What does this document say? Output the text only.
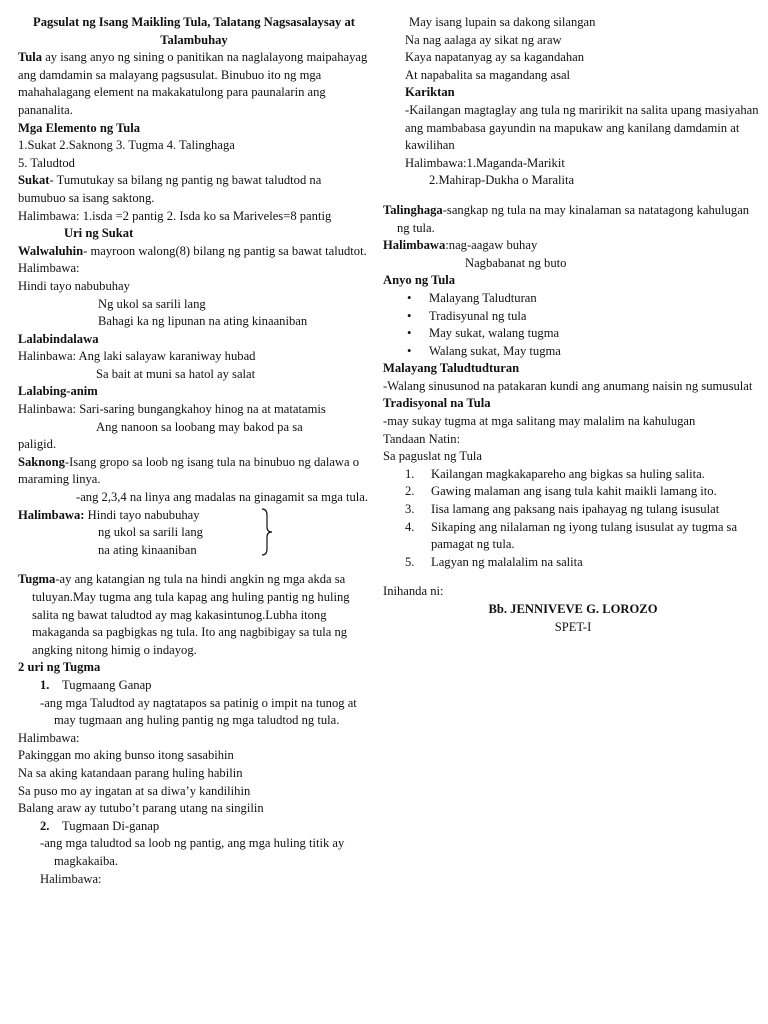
Pagsulat ng Isang Maikling Tula, Talatang Nagsasalaysay at Talambuhay

Tula ay isang anyo ng sining o panitikan na naglalayong maipahayag ang damdamin sa malayang pagsusulat. Binubuo ito ng mga mahahalagang element na makakatulong para paunalarin ang pananalita.

Mga Elemento ng Tula

1.Sukat 2.Saknong 3. Tugma 4. Talinghaga

5. Taludtod

Sukat- Tumutukay sa bilang ng pantig ng bawat taludtod na bumubuo sa isang saktong.

Halimbawa: 1.isda =2 pantig 2. Isda ko sa Mariveles=8 pantig

Uri ng Sukat

Walwaluhin- mayroon walong(8) bilang ng pantig sa bawat taludtot.

Halimbawa:

Hindi tayo nabubuhay

Ng ukol sa sarili lang

Bahagi ka ng lipunan na ating kinaaniban

Lalabindalawa

Halinbawa: Ang laki salayaw karaniway hubad

Sa bait at muni sa hatol ay salat

Lalabing-anim

Halinbawa: Sari-saring bungangkahoy hinog na at matatamis

Ang nanoon sa loobang may bakod pa sa

paligid.

Saknong-Isang gropo sa loob ng isang tula na binubuo ng dalawa o maraming linya.

-ang 2,3,4 na linya ang madalas na ginagamit sa mga tula.

Halimbawa: Hindi tayo nabubuhay

ng ukol sa sarili lang

na ating kinaaniban

Tugma-ay ang katangian ng tula na hindi angkin ng mga akda sa tuluyan.May tugma ang tula kapag ang huling pantig ng huling salita ng bawat taludtod ay mag kakasintunog.Lubha itong makaganda sa pagbigkas ng tula. Ito ang nagbibigay sa tula ng angking nitong himig o indayog.

2 uri ng Tugma

1. Tugmaang Ganap

-ang mga Taludtod ay nagtatapos sa patinig o impit na tunog at may tugmaan ang huling pantig ng mga taludtod ng tula.

Halimbawa:

Pakinggan mo aking bunso itong sasabihin

Na sa aking katandaan parang huling habilin

Sa puso mo ay ingatan at sa diwa’y kandilihin

Balang araw ay tutubo’t parang utang na singilin

2. Tugmaan Di-ganap

-ang mga taludtod sa loob ng pantig, ang mga huling titik ay magkakaiba.

Halimbawa:

May isang lupain sa dakong silangan

Na nag aalaga ay sikat ng araw

Kaya napatanyag ay sa kagandahan

At napabalita sa magandang asal

Kariktan

-Kailangan magtaglay ang tula ng maririkit na salita upang masiyahan ang mambabasa gayundin na mapukaw ang kanilang damdamin at kawilihan

Halimbawa:1.Maganda-Marikit

2.Mahirap-Dukha o Maralita

Talinghaga-sangkap ng tula na may kinalaman sa natatagong kahulugan ng tula.

Halimbawa:nag-aagaw buhay

Nagbabanat ng buto

Anyo ng Tula

• Malayang Taludturan
• Tradisyunal ng tula
• May sukat, walang tugma
• Walang sukat, May tugma

Malayang Taludtudturan

-Walang sinusunod na patakaran kundi ang anumang naisin ng sumusulat

Tradisyonal na Tula

-may sukay tugma at mga salitang may malalim na kahulugan

Tandaan Natin:

Sa paguslat ng Tula

1. Kailangan magkakapareho ang bigkas sa huling salita.
2. Gawing malaman ang isang tula kahit maikli lamang ito.
3. Iisa lamang ang paksang nais ipahayag ng tulang isusulat
4. Sikaping ang nilalaman ng iyong tulang isusulat ay tugma sa pamagat ng tula.
5. Lagyan ng malalalim na salita

Inihanda ni:

Bb. JENNIVEVE G. LOROZO

SPET-I
